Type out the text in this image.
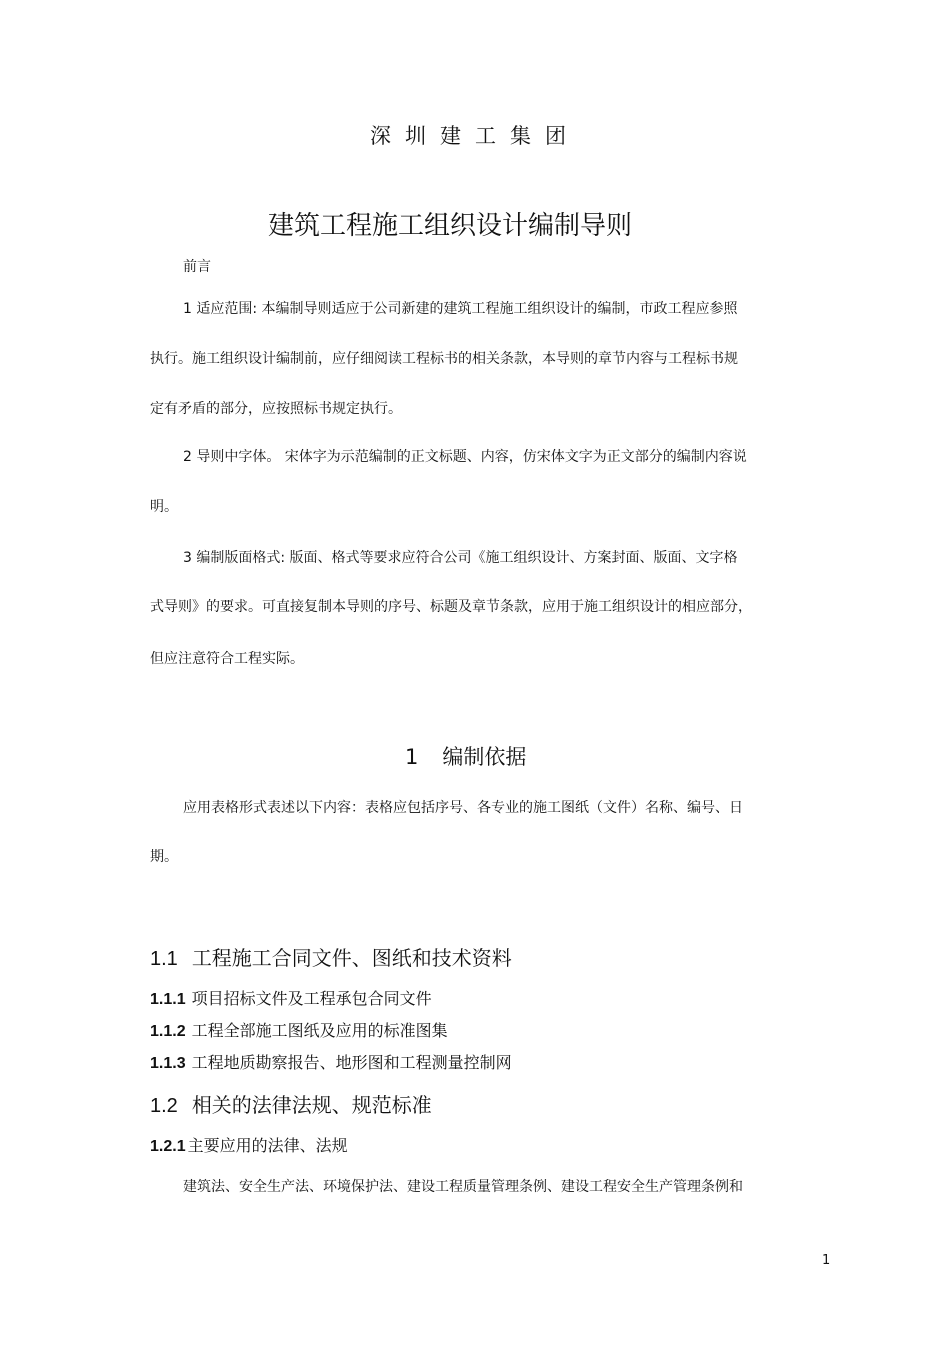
深圳建工集团
建筑工程施工组织设计编制导则
前言
1 适应范围: 本编制导则适应于公司新建的建筑工程施工组织设计的编制，市政工程应参照
执行。施工组织设计编制前，应仔细阅读工程标书的相关条款，本导则的章节内容与工程标书规
定有矛盾的部分，应按照标书规定执行。
2 导则中字体。 宋体字为示范编制的正文标题、内容，仿宋体文字为正文部分的编制内容说
明。
3 编制版面格式: 版面、格式等要求应符合公司《施工组织设计、方案封面、版面、文字格
式导则》的要求。可直接复制本导则的序号、标题及章节条款，应用于施工组织设计的相应部分，
但应注意符合工程实际。
1 编制依据
应用表格形式表述以下内容：表格应包括序号、各专业的施工图纸（文件）名称、编号、日
期。
1.1 工程施工合同文件、图纸和技术资料
1.1.1 项目招标文件及工程承包合同文件
1.1.2 工程全部施工图纸及应用的标准图集
1.1.3 工程地质勘察报告、地形图和工程测量控制网
1.2 相关的法律法规、规范标准
1.2.1 主要应用的法律、法规
建筑法、安全生产法、环境保护法、建设工程质量管理条例、建设工程安全生产管理条例和
1
